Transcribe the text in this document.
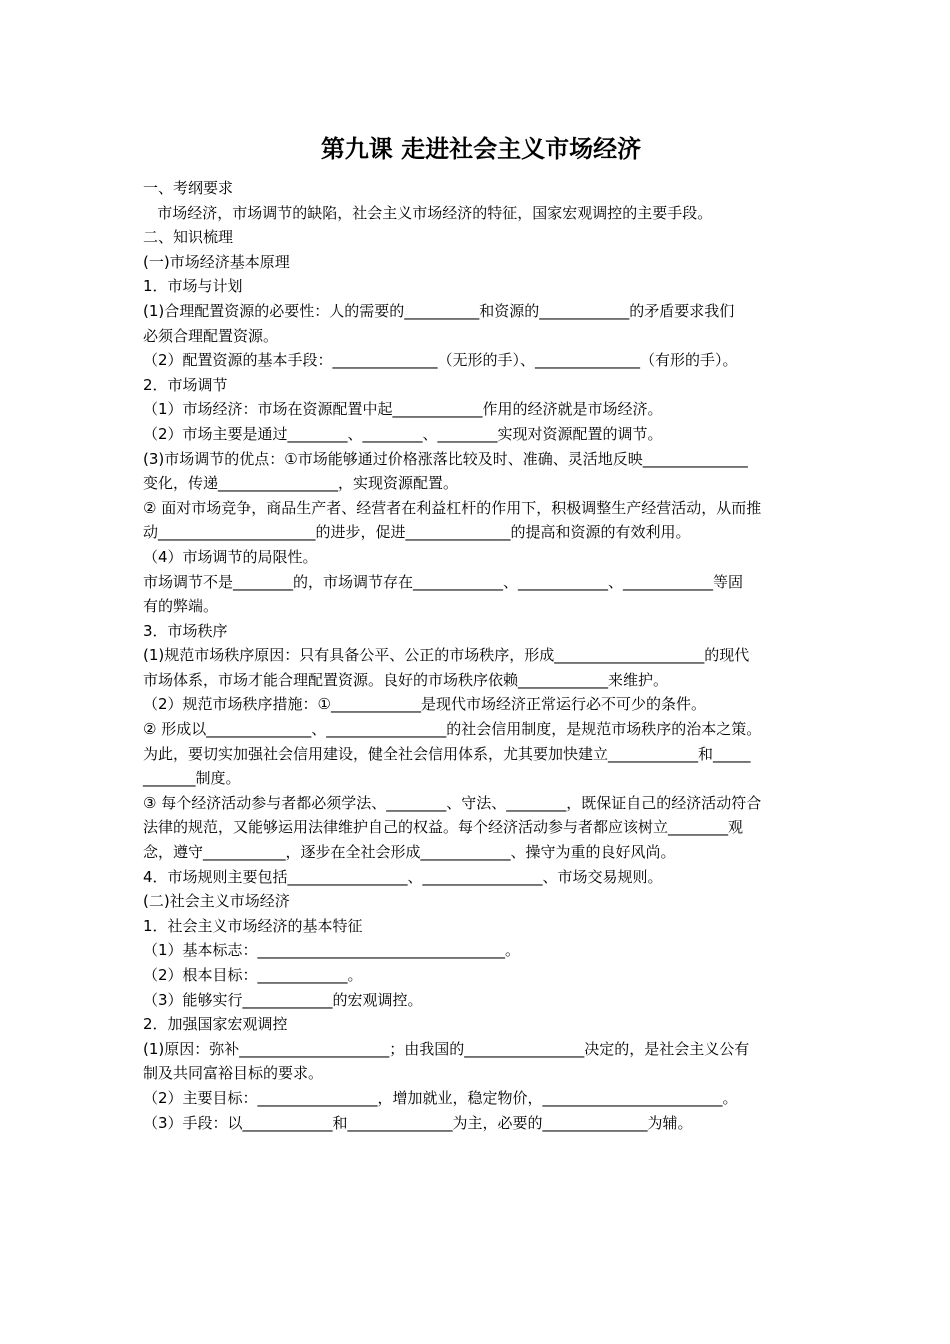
第九课 走进社会主义市场经济
一、考纲要求
市场经济，市场调节的缺陷，社会主义市场经济的特征，国家宏观调控的主要手段。
二、知识梳理
(一)市场经济基本原理
1．市场与计划
(1)合理配置资源的必要性：人的需要的__________和资源的____________的矛盾要求我们
必须合理配置资源。
（2）配置资源的基本手段：______________（无形的手）、______________（有形的手）。
2．市场调节
（1）市场经济：市场在资源配置中起____________作用的经济就是市场经济。
（2）市场主要是通过________、________、________实现对资源配置的调节。
(3)市场调节的优点：①市场能够通过价格涨落比较及时、准确、灵活地反映______________
变化，传递________________，实现资源配置。
② 面对市场竞争，商品生产者、经营者在利益杠杆的作用下，积极调整生产经营活动，从而推
动_____________________的进步，促进______________的提高和资源的有效利用。
（4）市场调节的局限性。
市场调节不是________的，市场调节存在____________、____________、____________等固
有的弊端。
3．市场秩序
(1)规范市场秩序原因：只有具备公平、公正的市场秩序，形成____________________的现代
市场体系，市场才能合理配置资源。良好的市场秩序依赖____________来维护。
（2）规范市场秩序措施：①____________是现代市场经济正常运行必不可少的条件。
② 形成以______________、________________的社会信用制度，是规范市场秩序的治本之策。
为此，要切实加强社会信用建设，健全社会信用体系，尤其要加快建立____________和_____
_______制度。
③ 每个经济活动参与者都必须学法、________、守法、________，既保证自己的经济活动符合
法律的规范，又能够运用法律维护自己的权益。每个经济活动参与者都应该树立________观
念，遵守___________，逐步在全社会形成____________、操守为重的良好风尚。
4．市场规则主要包括________________、________________、市场交易规则。
(二)社会主义市场经济
1．社会主义市场经济的基本特征
（1）基本标志：_________________________________。
（2）根本目标：____________。
（3）能够实行____________的宏观调控。
2．加强国家宏观调控
(1)原因：弥补____________________；由我国的________________决定的，是社会主义公有
制及共同富裕目标的要求。
（2）主要目标：________________，增加就业，稳定物价，________________________。
（3）手段：以____________和______________为主，必要的______________为辅。
